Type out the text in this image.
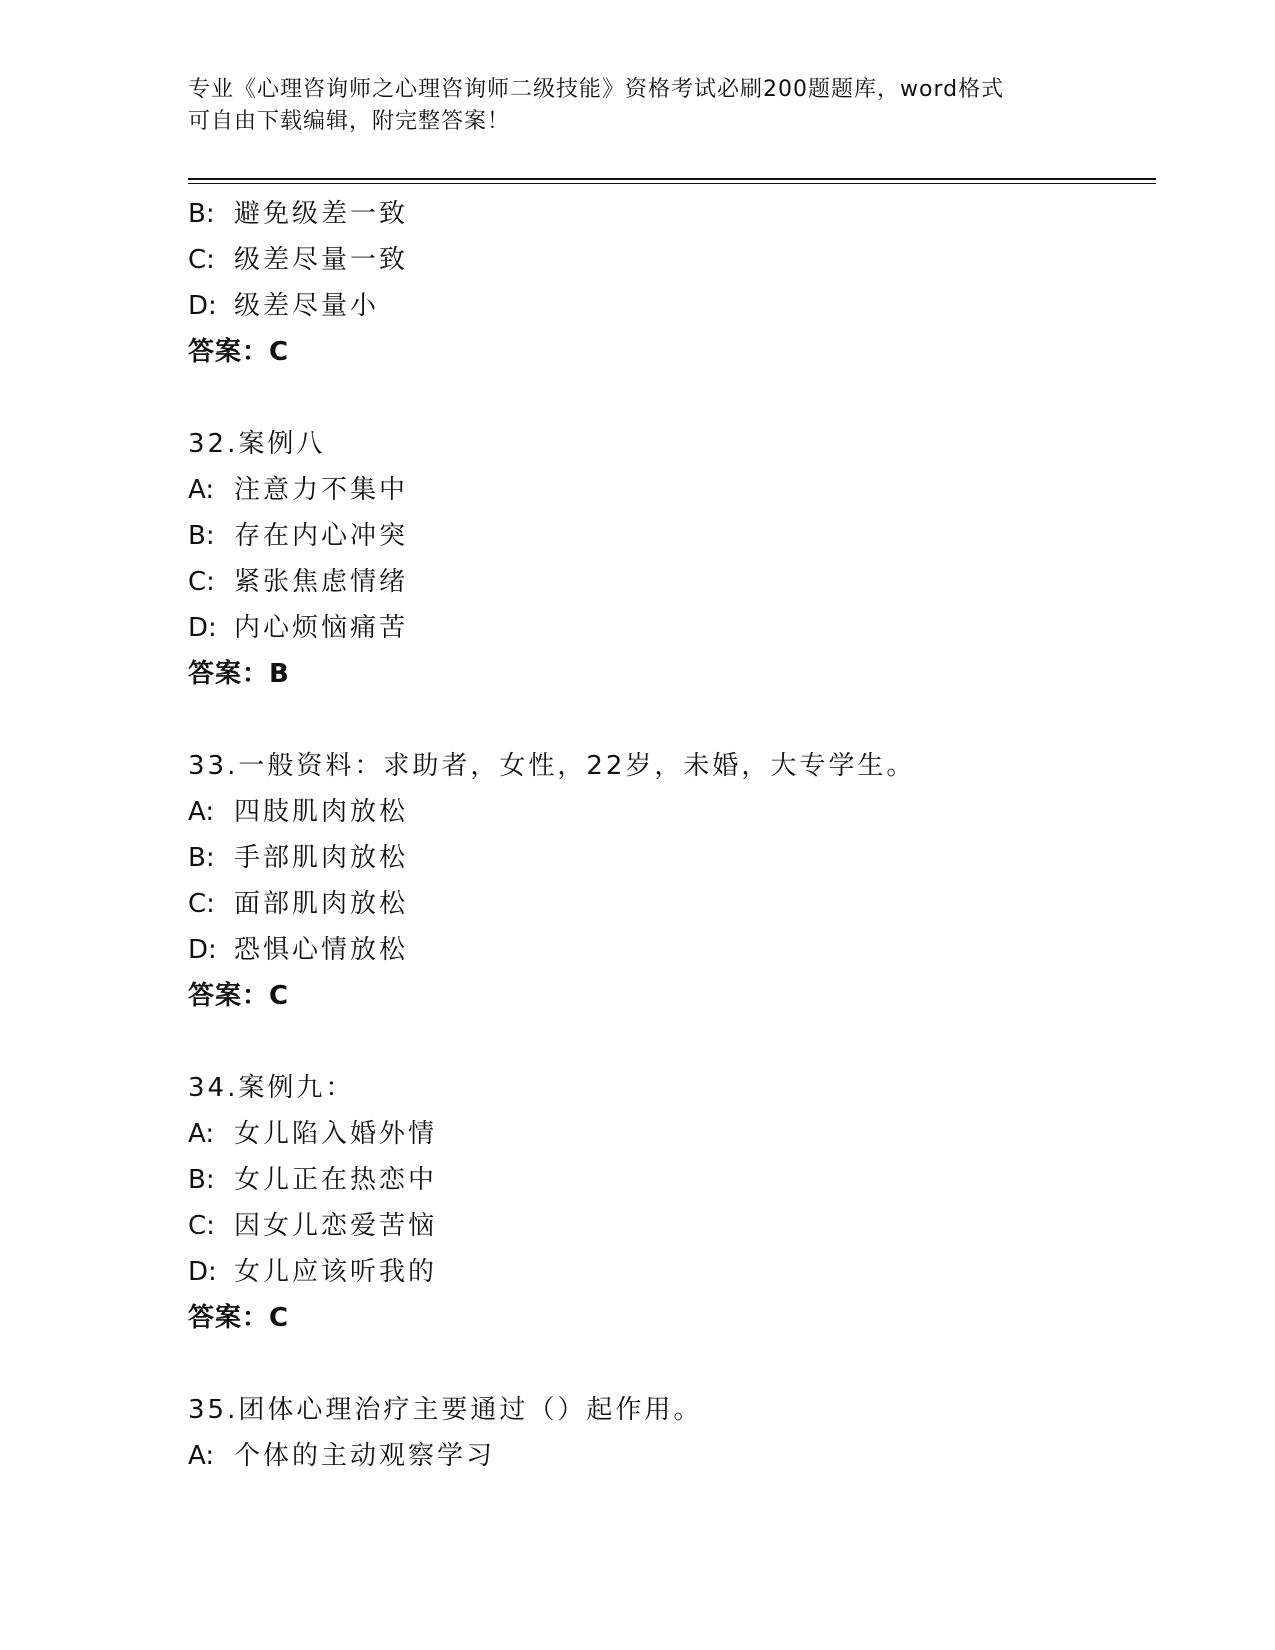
专业《心理咨询师之心理咨询师二级技能》资格考试必刷200题题库，word格式
可自由下载编辑，附完整答案！
B: 避免级差一致
C: 级差尽量一致
D: 级差尽量小
答案：C
32.案例八
A: 注意力不集中
B: 存在内心冲突
C: 紧张焦虑情绪
D: 内心烦恼痛苦
答案：B
33.一般资料：求助者，女性，22岁，未婚，大专学生。
A: 四肢肌肉放松
B: 手部肌肉放松
C: 面部肌肉放松
D: 恐惧心情放松
答案：C
34.案例九：
A: 女儿陷入婚外情
B: 女儿正在热恋中
C: 因女儿恋爱苦恼
D: 女儿应该听我的
答案：C
35.团体心理治疗主要通过（）起作用。
A: 个体的主动观察学习
